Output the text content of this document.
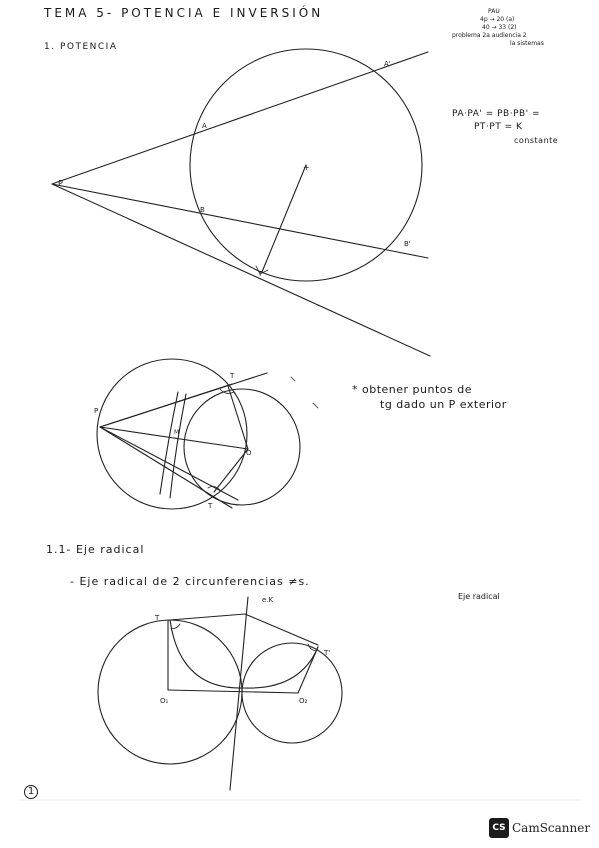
TEMA 5- POTENCIA E INVERSIÓN
1. POTENCIA
PAU
4p → 20 (a)
40 → 33 (2)
problema 2a audiencia 2
la sistemas
PA·PA' = PB·PB' =
PT·PT = K
constante
* obtener puntos de
tg dado un P exterior
1.1- Eje radical
- Eje radical de 2 circunferencias ≠s.
Eje radical
1
P
A
A'
B
B'
T
+
P
T
T
O
M
e.K
T
T'
O₁	O₂
CS CamScanner
